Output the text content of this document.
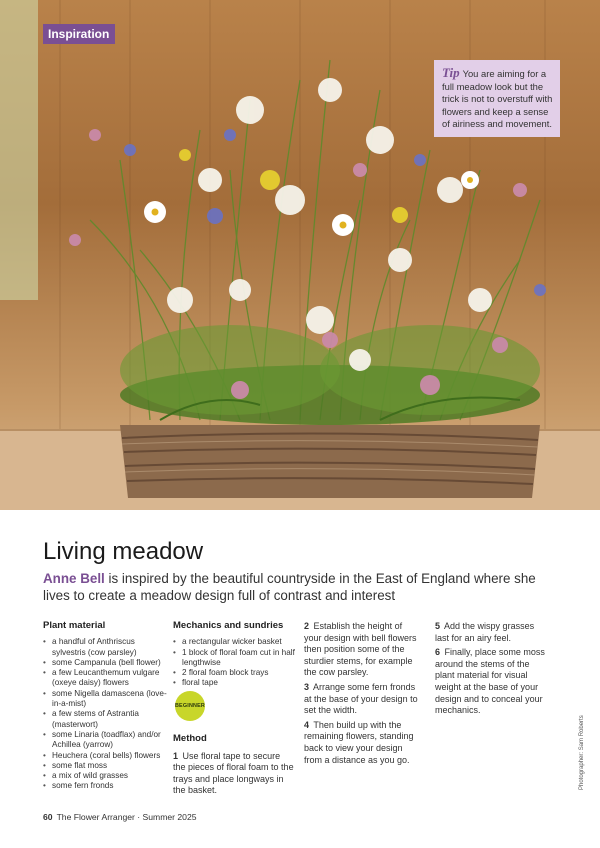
Inspiration
Tip You are aiming for a full meadow look but the trick is not to overstuff with flowers and keep a sense of airiness and movement.
Living meadow

Anne Bell is inspired by the beautiful countryside in the East of England where she lives to create a meadow design full of contrast and interest

Plant material
• a handful of Anthriscus sylvestris (cow parsley)
• some Campanula (bell flower)
• a few Leucanthemum vulgare (oxeye daisy) flowers
• some Nigella damascena (love-in-a-mist)
• a few stems of Astrantia (masterwort)
• some Linaria (toadflax) and/or Achillea (yarrow)
• Heuchera (coral bells) flowers
• some flat moss
• a mix of wild grasses
• some fern fronds
Mechanics and sundries
• a rectangular wicker basket
• 1 block of floral foam cut in half lengthwise
• 2 floral foam block trays
• floral tape
BEGINNER
Method

1 Use floral tape to secure the pieces of floral foam to the trays and place longways in the basket.

2 Establish the height of your design with bell flowers then position some of the sturdier stems, for example the cow parsley.

3 Arrange some fern fronds at the base of your design to set the width.

4 Then build up with the remaining flowers, standing back to view your design from a distance as you go.

5 Add the wispy grasses last for an airy feel.

6 Finally, place some moss around the stems of the plant material for visual weight at the base of your design and to conceal your mechanics.

Photographer: Sam Roberts
60 The Flower Arranger · Summer 2025
